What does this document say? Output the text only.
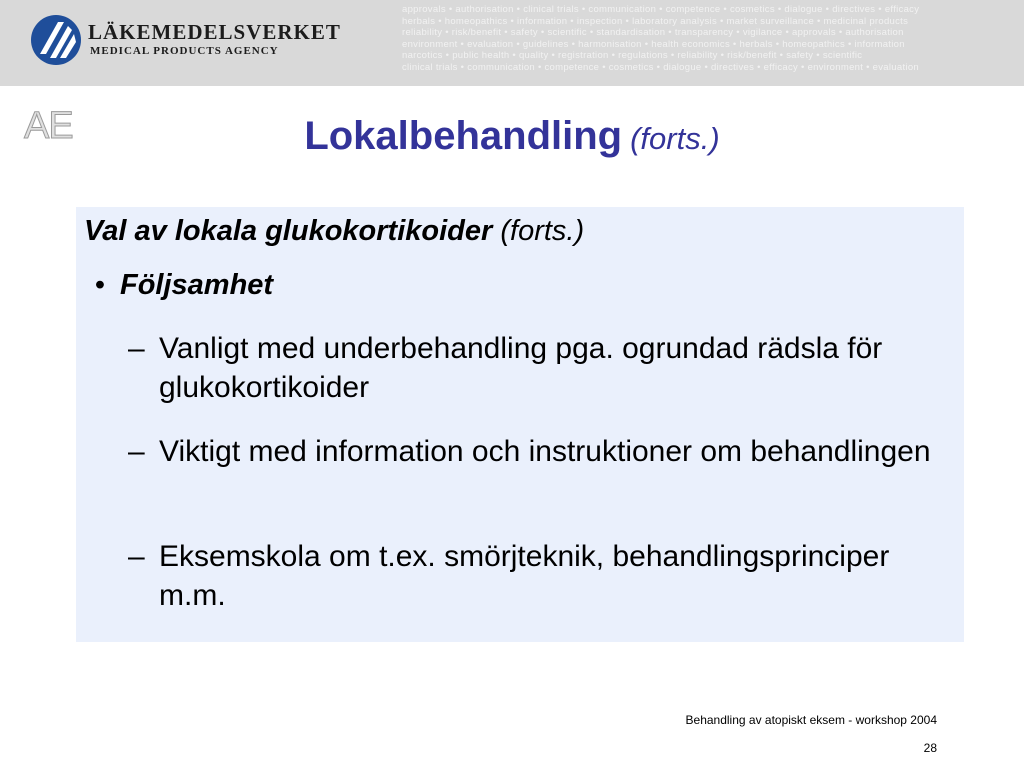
LÄKEMEDELSVERKET
MEDICAL PRODUCTS AGENCY
approvals • authorisation • clinical trials • communication • competence • cosmetics • dialogue • directives • efficacy
herbals • homeopathics • information • inspection • laboratory analysis • market surveillance • medicinal products
reliability • risk/benefit • safety • scientific • standardisation • transparency • vigilance • approvals • authorisation
environment • evaluation • guidelines • harmonisation • health economics • herbals • homeopathics • information
narcotics • public health • quality • registration • regulations • reliability • risk/benefit • safety • scientific
clinical trials • communication • competence • cosmetics • dialogue • directives • efficacy • environment • evaluation
AE	Lokalbehandling (forts.)
Val av lokala glukokortikoider (forts.)
• Följsamhet
– Vanligt med underbehandling pga. ogrundad rädsla för glukokortikoider
– Viktigt med information och instruktioner om behandlingen
– Eksemskola om t.ex. smörjteknik, behandlingsprinciper m.m.
Behandling av atopiskt eksem - workshop 2004
28
